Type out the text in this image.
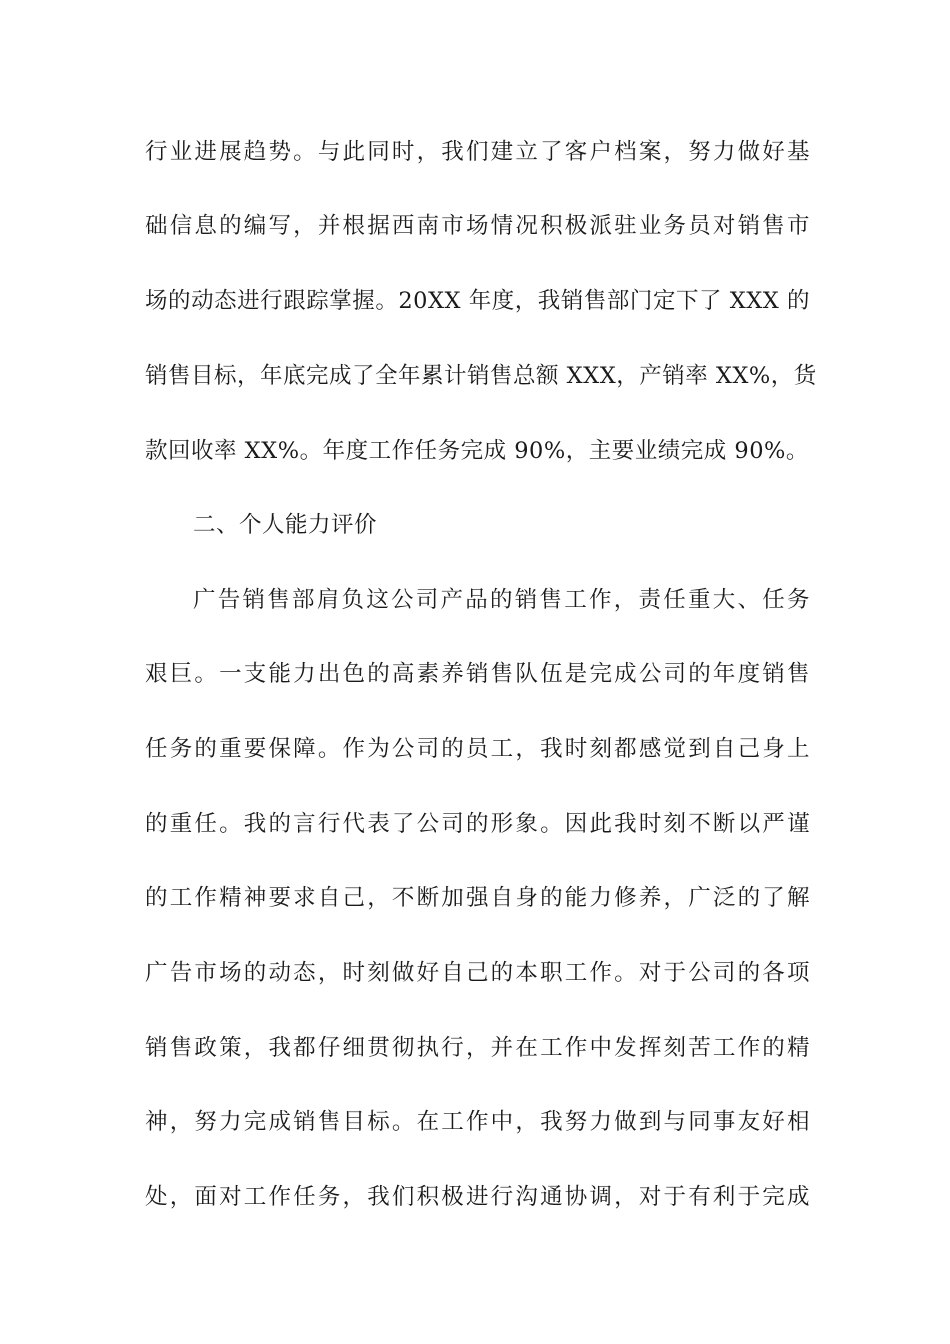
行业进展趋势。与此同时，我们建立了客户档案，努力做好基
础信息的编写，并根据西南市场情况积极派驻业务员对销售市
场的动态进行跟踪掌握。20XX 年度，我销售部门定下了 XXX 的
销售目标，年底完成了全年累计销售总额 XXX，产销率 XX%，货
款回收率 XX%。年度工作任务完成 90%，主要业绩完成 90%。
二、个人能力评价
广告销售部肩负这公司产品的销售工作，责任重大、任务
艰巨。一支能力出色的高素养销售队伍是完成公司的年度销售
任务的重要保障。作为公司的员工，我时刻都感觉到自己身上
的重任。我的言行代表了公司的形象。因此我时刻不断以严谨
的工作精神要求自己，不断加强自身的能力修养，广泛的了解
广告市场的动态，时刻做好自己的本职工作。对于公司的各项
销售政策，我都仔细贯彻执行，并在工作中发挥刻苦工作的精
神，努力完成销售目标。在工作中，我努力做到与同事友好相
处，面对工作任务，我们积极进行沟通协调，对于有利于完成
